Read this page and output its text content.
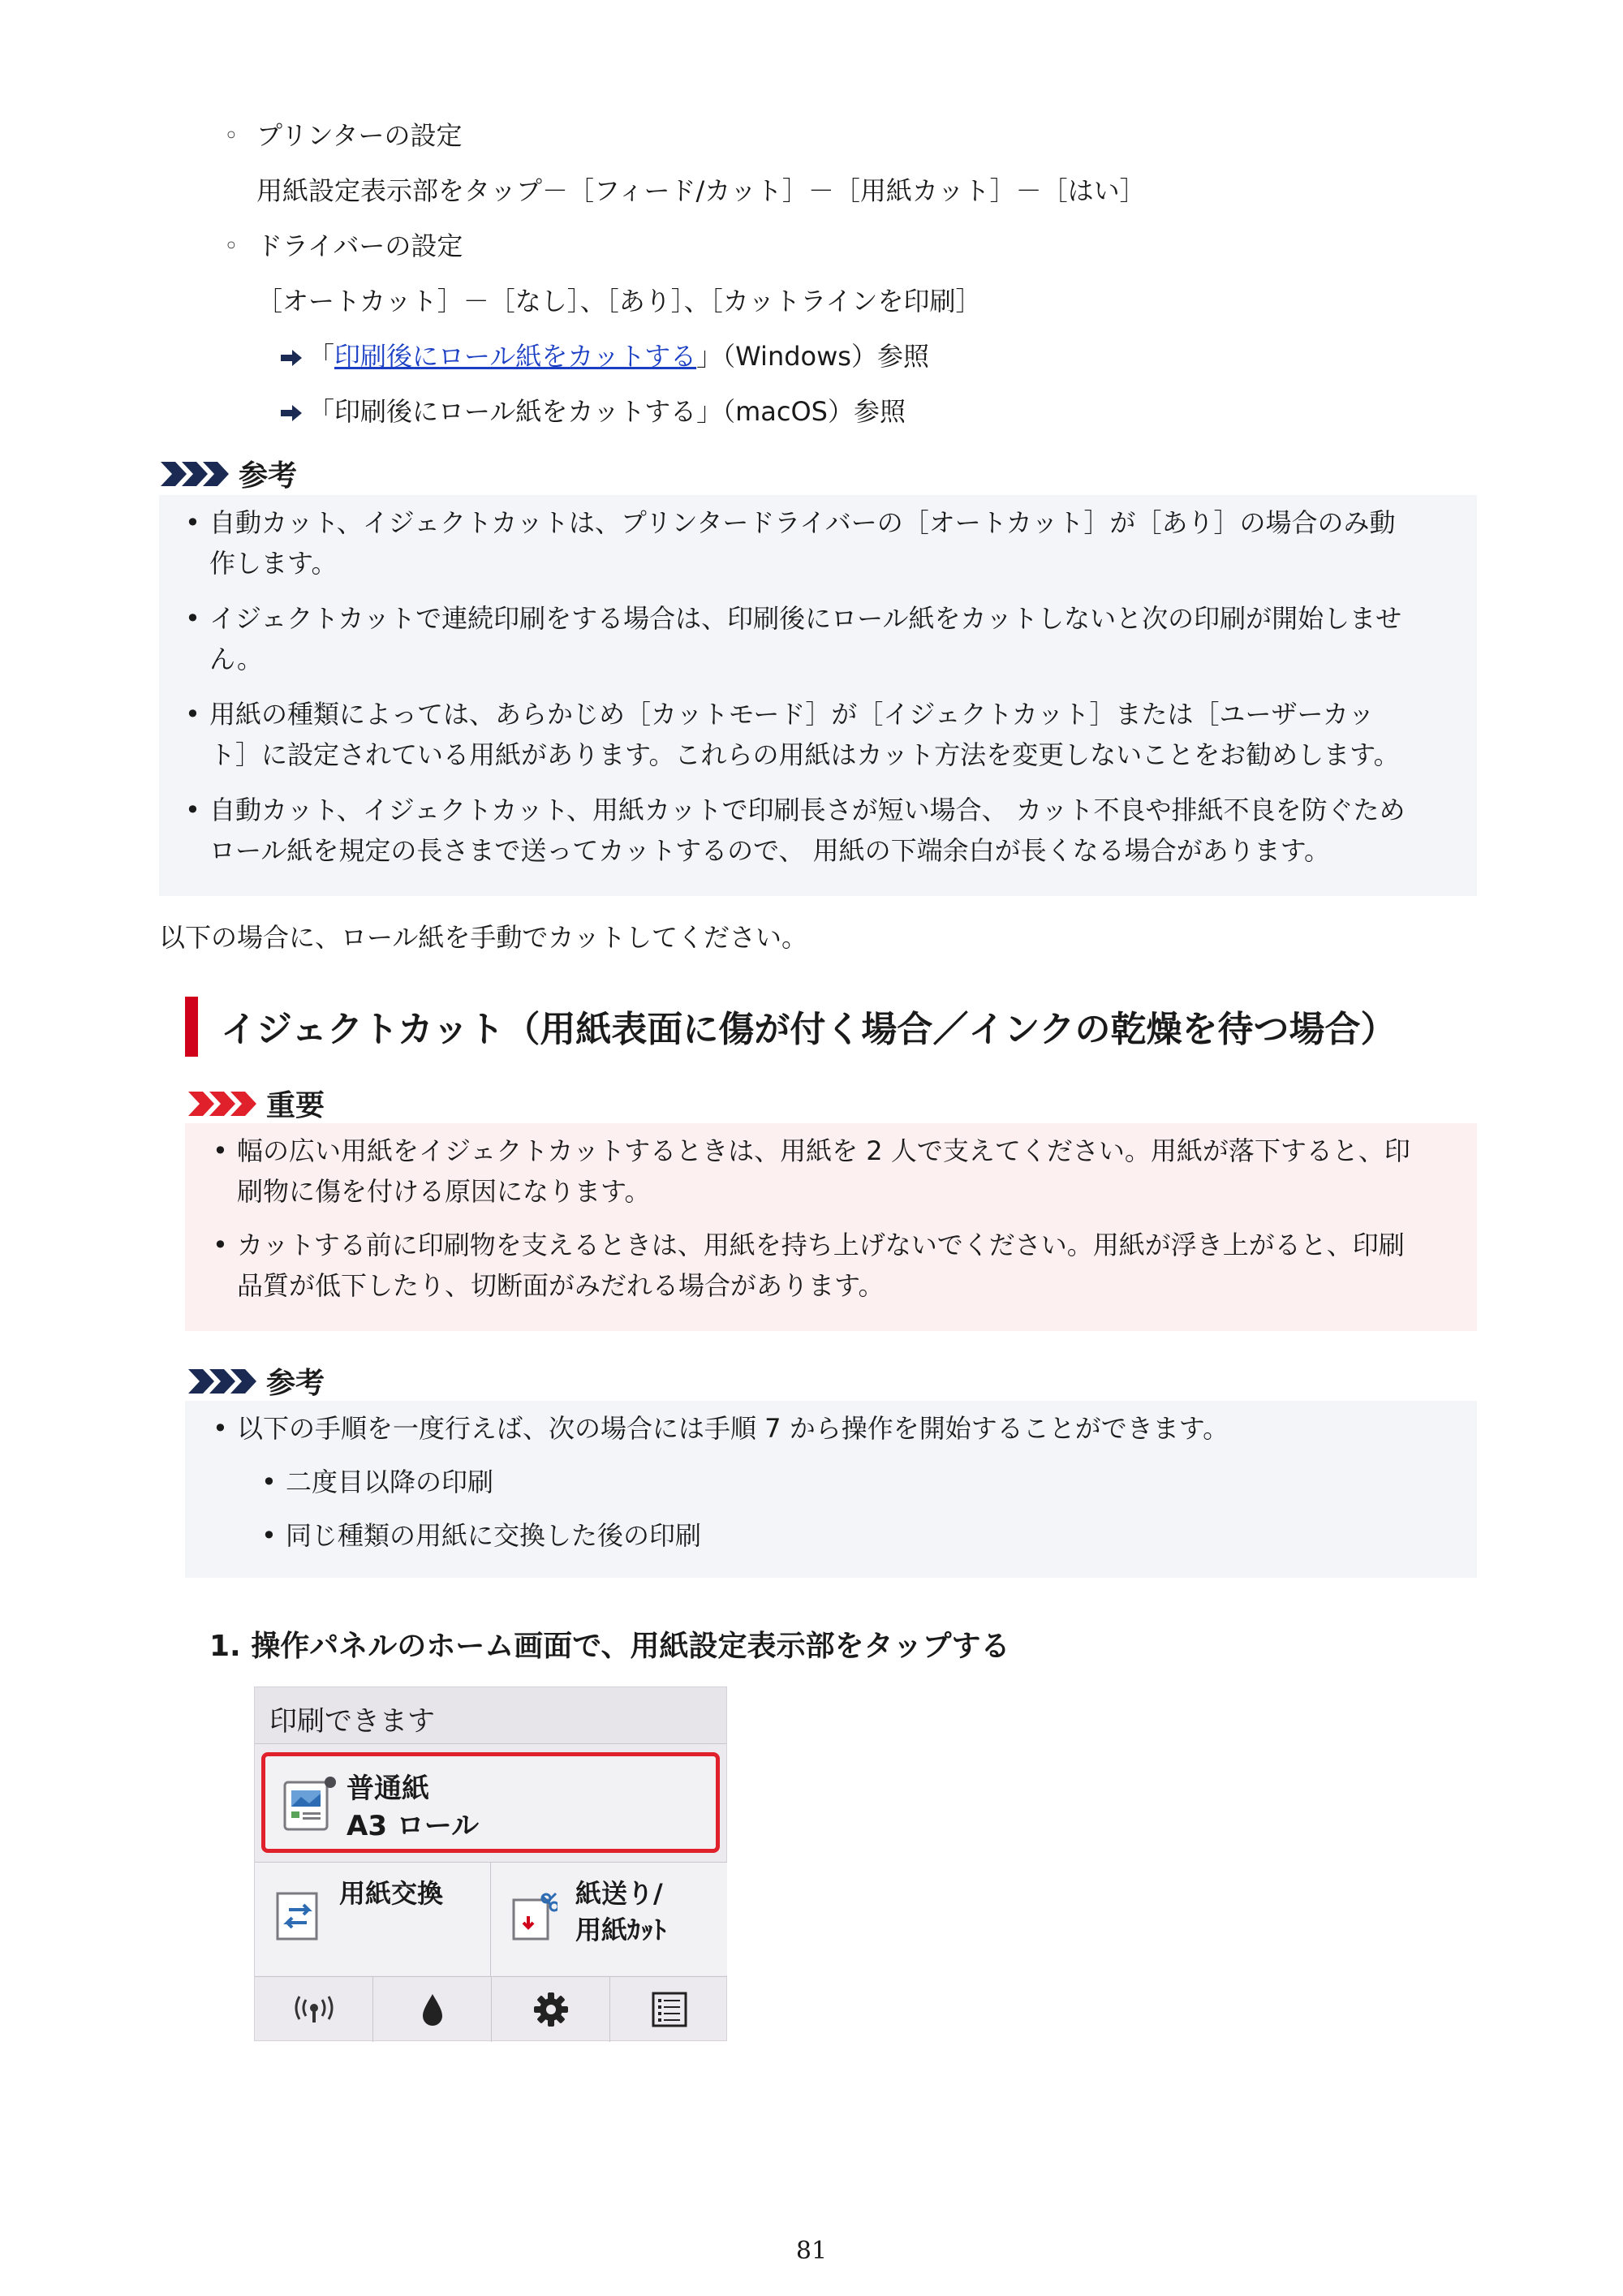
◦ プリンターの設定
用紙設定表示部をタップ－［フィード/カット］－［用紙カット］－［はい］
◦ ドライバーの設定
［オートカット］－［なし］、［あり］、［カットラインを印刷］
「印刷後にロール紙をカットする」（Windows）参照
「印刷後にロール紙をカットする」（macOS）参照
参考
• 自動カット、イジェクトカットは、プリンタードライバーの［オートカット］が［あり］の場合のみ動
作します。
• イジェクトカットで連続印刷をする場合は、印刷後にロール紙をカットしないと次の印刷が開始しませ
ん。
• 用紙の種類によっては、あらかじめ［カットモード］が［イジェクトカット］または［ユーザーカッ
ト］に設定されている用紙があります。これらの用紙はカット方法を変更しないことをお勧めします。
• 自動カット、イジェクトカット、用紙カットで印刷長さが短い場合、 カット不良や排紙不良を防ぐため
ロール紙を規定の長さまで送ってカットするので、 用紙の下端余白が長くなる場合があります。
以下の場合に、ロール紙を手動でカットしてください。
イジェクトカット（用紙表面に傷が付く場合／インクの乾燥を待つ場合）
重要
• 幅の広い用紙をイジェクトカットするときは、用紙を 2 人で支えてください。用紙が落下すると、印
刷物に傷を付ける原因になります。
• カットする前に印刷物を支えるときは、用紙を持ち上げないでください。用紙が浮き上がると、印刷
品質が低下したり、切断面がみだれる場合があります。
参考
• 以下の手順を一度行えば、次の場合には手順 7 から操作を開始することができます。
• 二度目以降の印刷
• 同じ種類の用紙に交換した後の印刷
1. 操作パネルのホーム画面で、用紙設定表示部をタップする
印刷できます
普通紙
A3 ロール
用紙交換	紙送り/
用紙ｶｯﾄ
81
